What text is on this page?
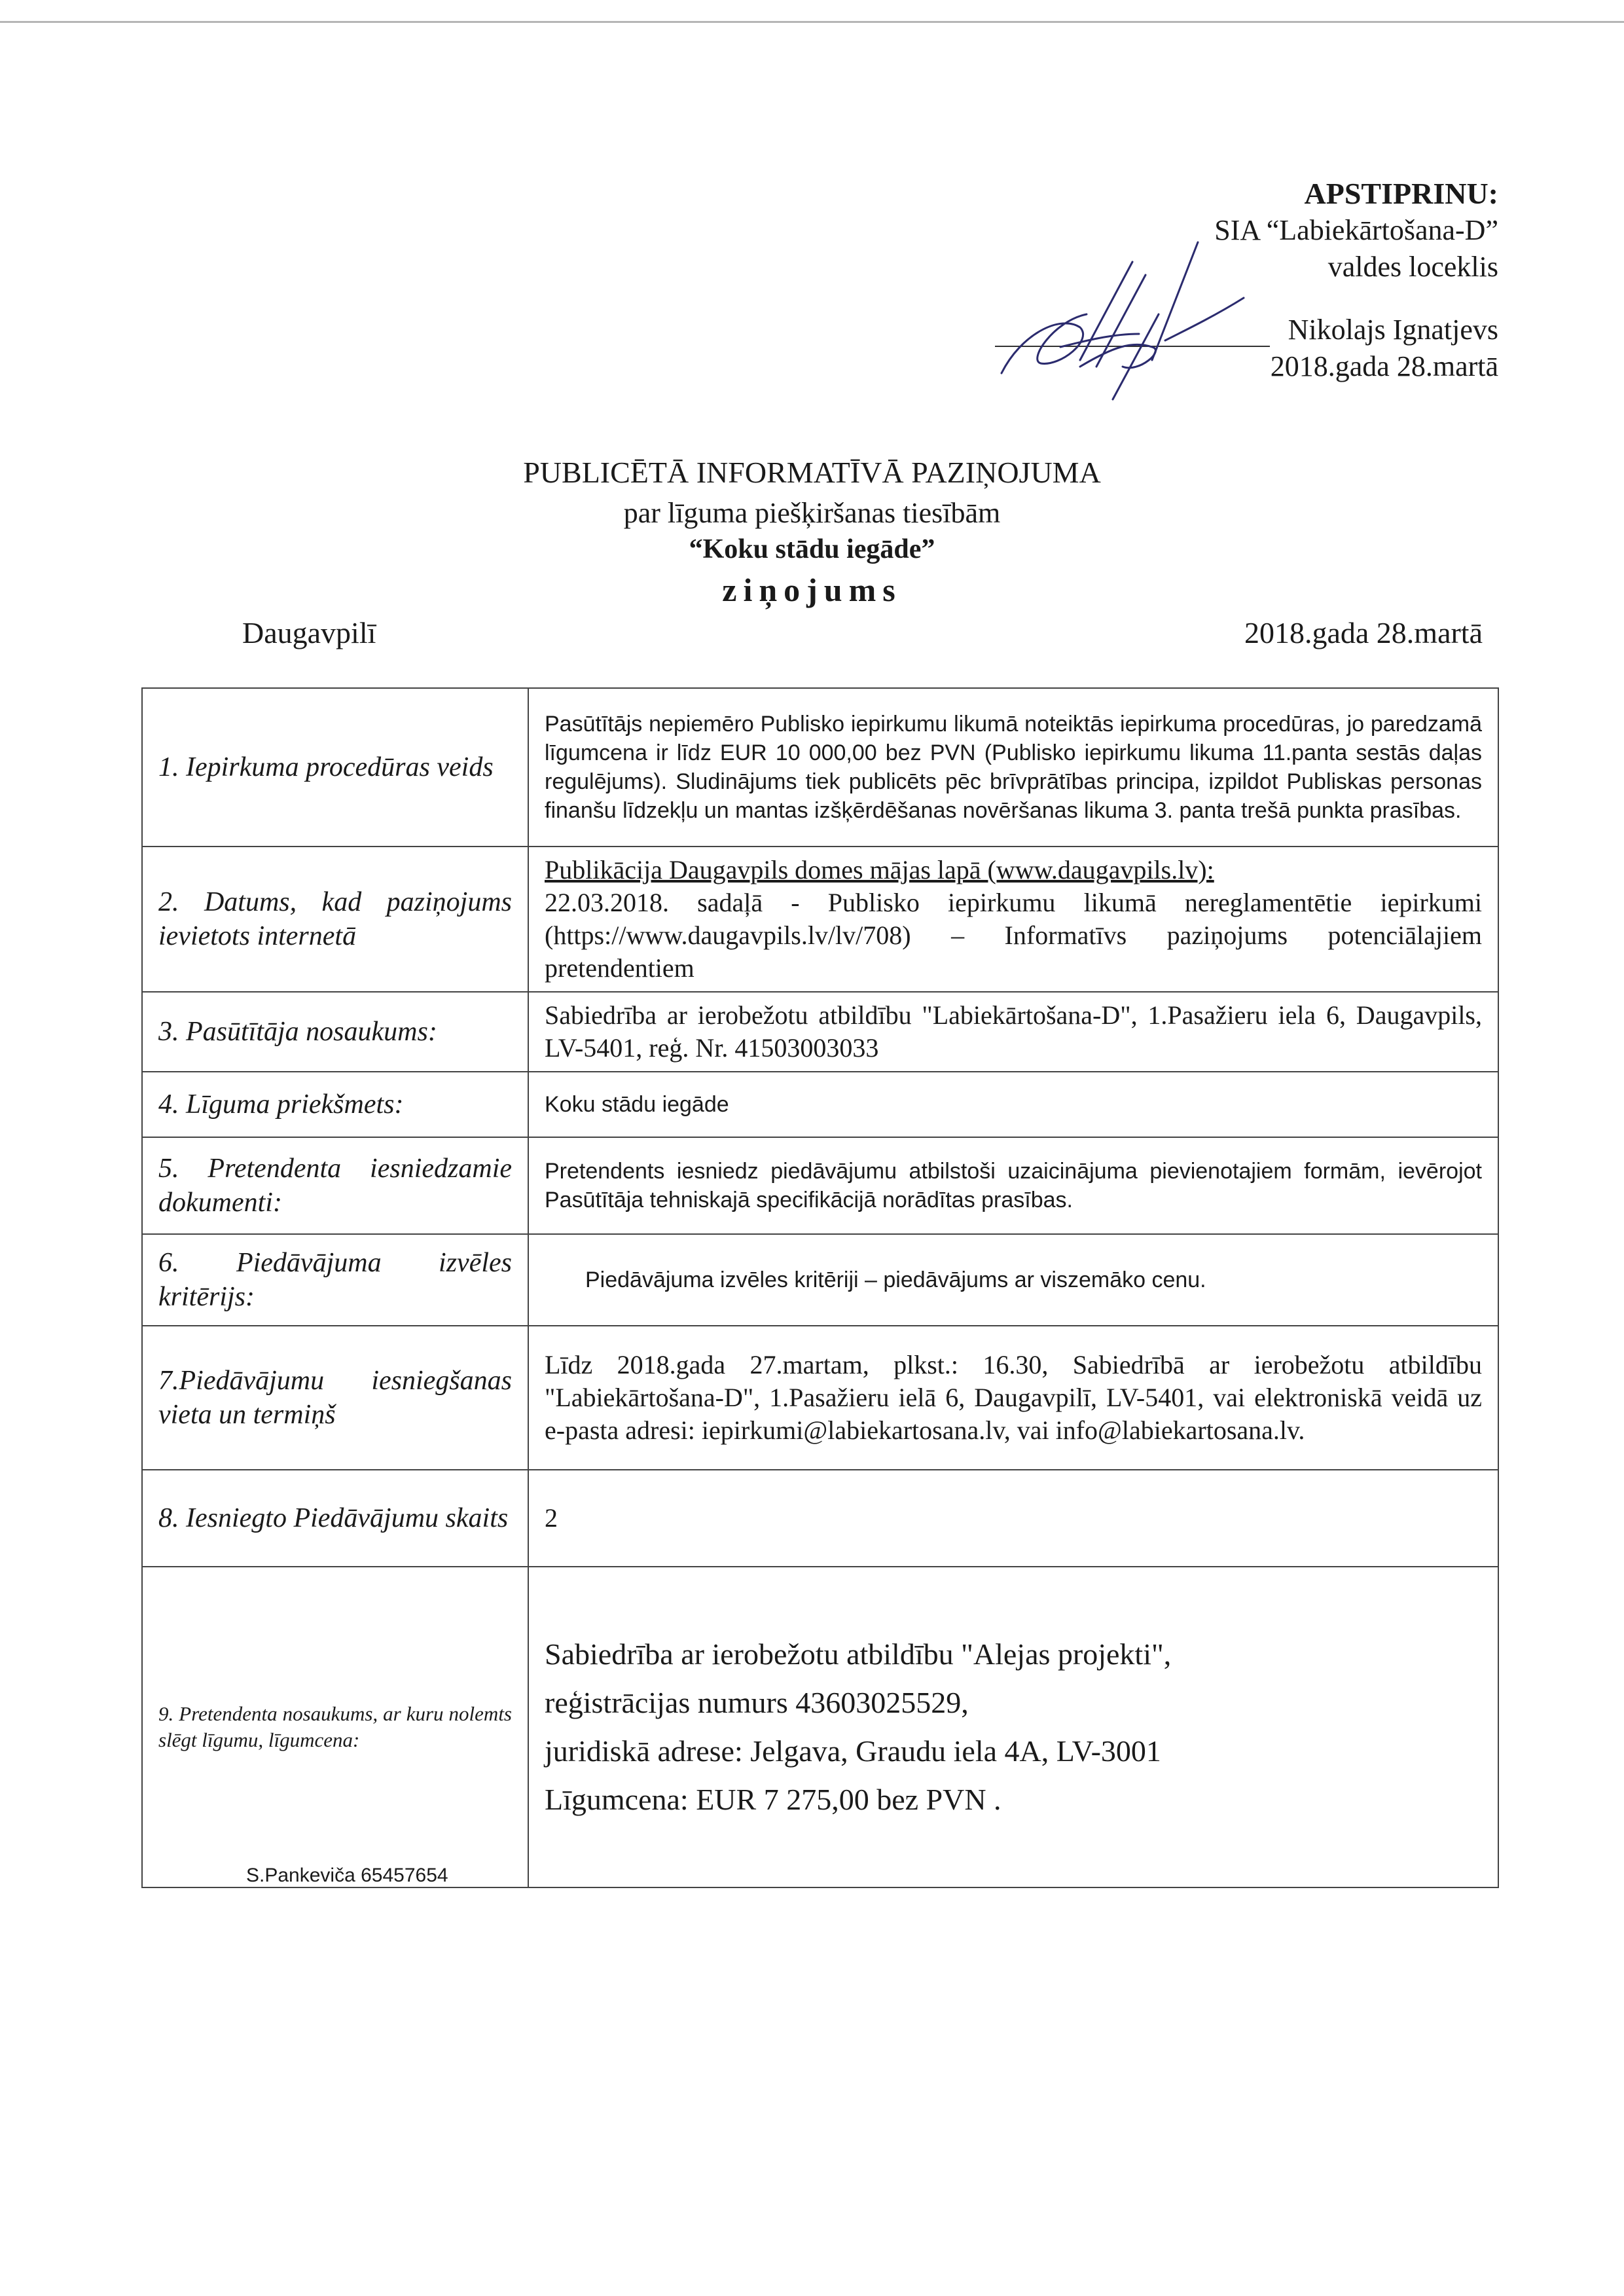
APSTIPRINU:
SIA “Labiekārtošana-D”
valdes loceklis
Nikolajs Ignatjevs
2018.gada 28.martā
PUBLICĒTĀ INFORMATĪVĀ PAZIŅOJUMA
par līguma piešķiršanas tiesībām
“Koku stādu iegāde”
ziņojums
Daugavpilī	2018.gada 28.martā
1. Iepirkuma procedūras veids	Pasūtītājs nepiemēro Publisko iepirkumu likumā noteiktās iepirkuma procedūras, jo paredzamā līgumcena ir līdz EUR 10 000,00 bez PVN (Publisko iepirkumu likuma 11.panta sestās daļas regulējums). Sludinājums tiek publicēts pēc brīvprātības principa, izpildot Publiskas personas finanšu līdzekļu un mantas izšķērdēšanas novēršanas likuma 3. panta trešā punkta prasības.
2. Datums, kad paziņojums ievietots internetā	Publikācija Daugavpils domes mājas lapā (www.daugavpils.lv):

22.03.2018. sadaļā - Publisko iepirkumu likumā nereglamentētie iepirkumi (https://www.daugavpils.lv/lv/708) – Informatīvs paziņojums potenciālajiem pretendentiem

3. Pasūtītāja nosaukums:	Sabiedrība ar ierobežotu atbildību "Labiekārtošana-D", 1.Pasažieru iela 6, Daugavpils, LV-5401, reģ. Nr. 41503003033
4. Līguma priekšmets:	Koku stādu iegāde
5. Pretendenta iesniedzamie dokumenti:	Pretendents iesniedz piedāvājumu atbilstoši uzaicinājuma pievienotajiem formām, ievērojot Pasūtītāja tehniskajā specifikācijā norādītas prasības.
6. Piedāvājuma izvēles kritērijs:	Piedāvājuma izvēles kritēriji – piedāvājums ar viszemāko cenu.
7.Piedāvājumu iesniegšanas vieta un termiņš	Līdz 2018.gada 27.martam, plkst.: 16.30, Sabiedrībā ar ierobežotu atbildību "Labiekārtošana-D", 1.Pasažieru ielā 6, Daugavpilī, LV-5401, vai elektroniskā veidā uz e-pasta adresi: iepirkumi@labiekartosana.lv, vai info@labiekartosana.lv.
8. Iesniegto Piedāvājumu skaits	2
9. Pretendenta nosaukums, ar kuru nolemts slēgt līgumu, līgumcena:	Sabiedrība ar ierobežotu atbildību "Alejas projekti",

reģistrācijas numurs 43603025529,

juridiskā adrese: Jelgava, Graudu iela 4A, LV-3001

Līgumcena: EUR 7 275,00 bez PVN .

S.Pankeviča 65457654
